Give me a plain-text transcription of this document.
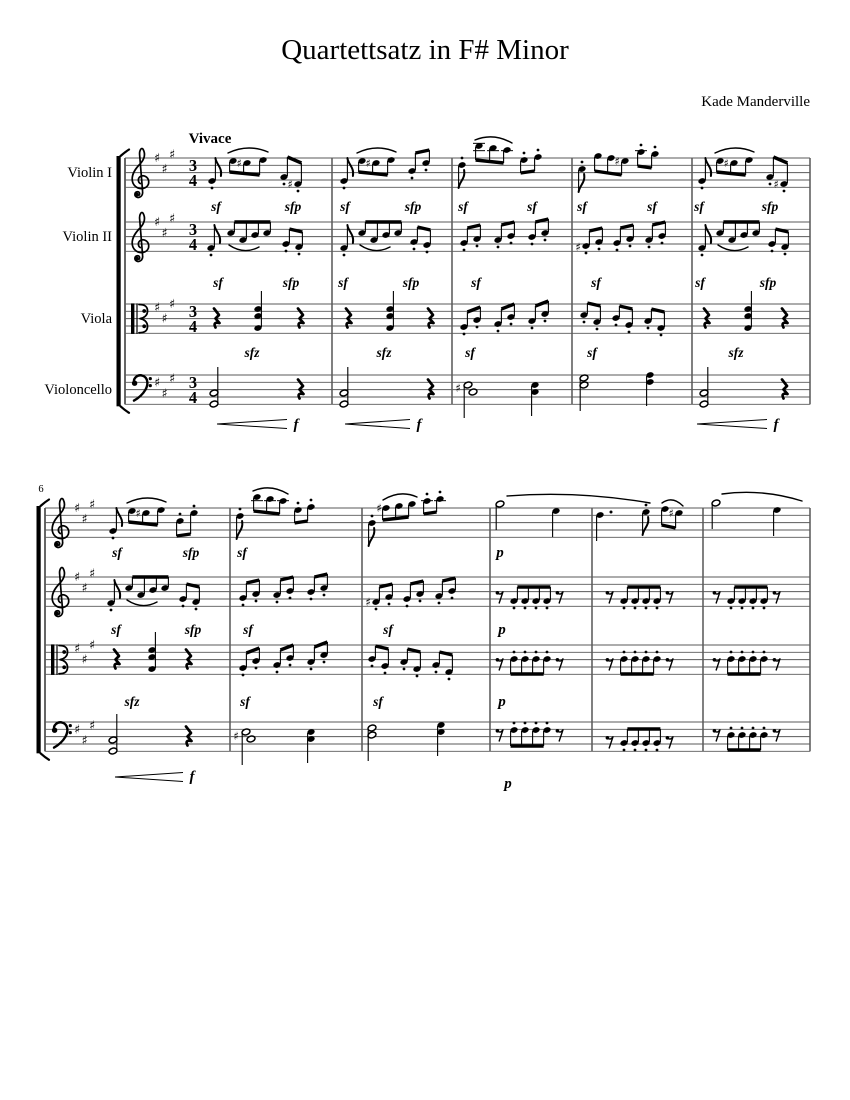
Quartettsatz in F# Minor
Kade Manderville
Vivace
♯
♯
♯
3
4
Violin I
♯
♯
♯	♯	♯
♯
sf	sfp	sf	sfp	sf	sf	sf	sf	sf	sfp
♯
♯
♯
3
4
Violin II
♯
sf	sfp	sf	sfp	sf	sf	sf	sfp
♯
♯
♯ 3
4
Viola
sfz	sfz	sf	sf	sfz
♯
♯
♯ 3
4
Violoncello	♯
f	f	f
6
♯
♯
♯
♯	♯	♯
sf	sfp	sf	p
♯
♯
♯
♯
sf	sfp	sf	sf	p
♯
♯
♯
sfz	sf	sf	p
♯
♯
♯
♯
f	p
